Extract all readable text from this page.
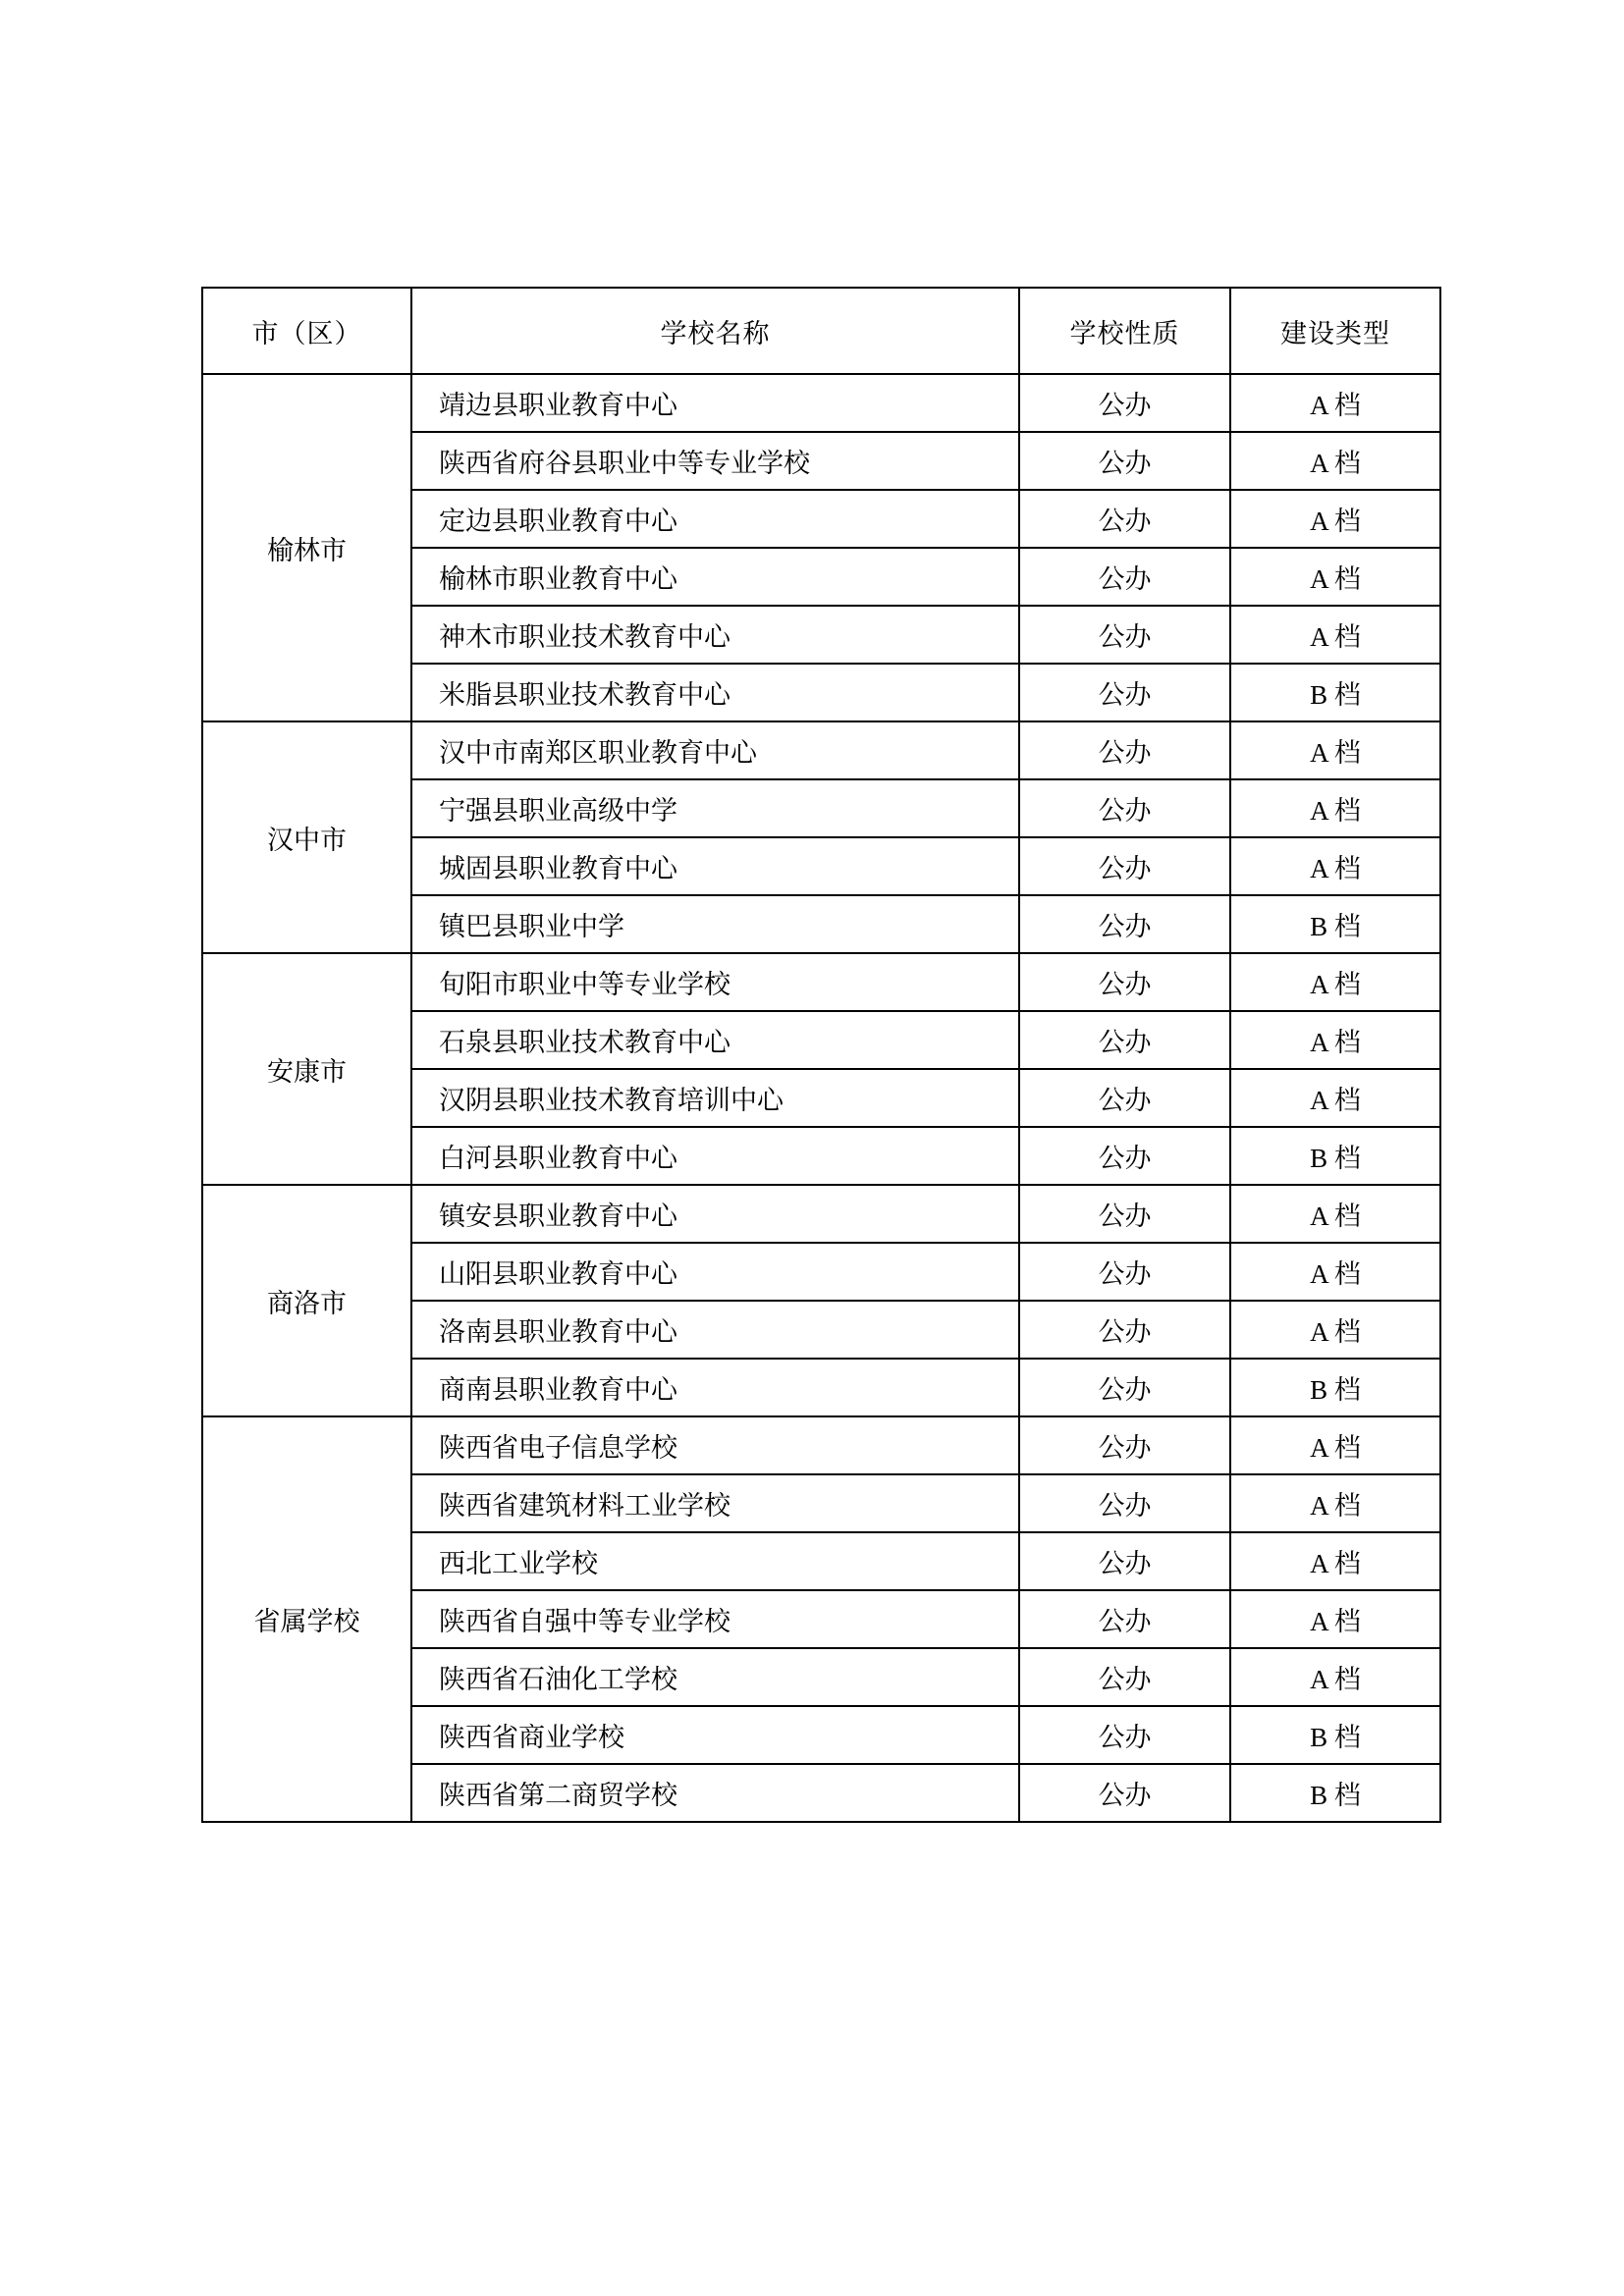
市（区）	学校名称	学校性质	建设类型
榆林市	靖边县职业教育中心	公办	A 档
	陕西省府谷县职业中等专业学校	公办	A 档
	定边县职业教育中心	公办	A 档
	榆林市职业教育中心	公办	A 档
	神木市职业技术教育中心	公办	A 档
	米脂县职业技术教育中心	公办	B 档
汉中市	汉中市南郑区职业教育中心	公办	A 档
	宁强县职业高级中学	公办	A 档
	城固县职业教育中心	公办	A 档
	镇巴县职业中学	公办	B 档
安康市	旬阳市职业中等专业学校	公办	A 档
	石泉县职业技术教育中心	公办	A 档
	汉阴县职业技术教育培训中心	公办	A 档
	白河县职业教育中心	公办	B 档
商洛市	镇安县职业教育中心	公办	A 档
	山阳县职业教育中心	公办	A 档
	洛南县职业教育中心	公办	A 档
	商南县职业教育中心	公办	B 档
省属学校	陕西省电子信息学校	公办	A 档
	陕西省建筑材料工业学校	公办	A 档
	西北工业学校	公办	A 档
	陕西省自强中等专业学校	公办	A 档
	陕西省石油化工学校	公办	A 档
	陕西省商业学校	公办	B 档
	陕西省第二商贸学校	公办	B 档
